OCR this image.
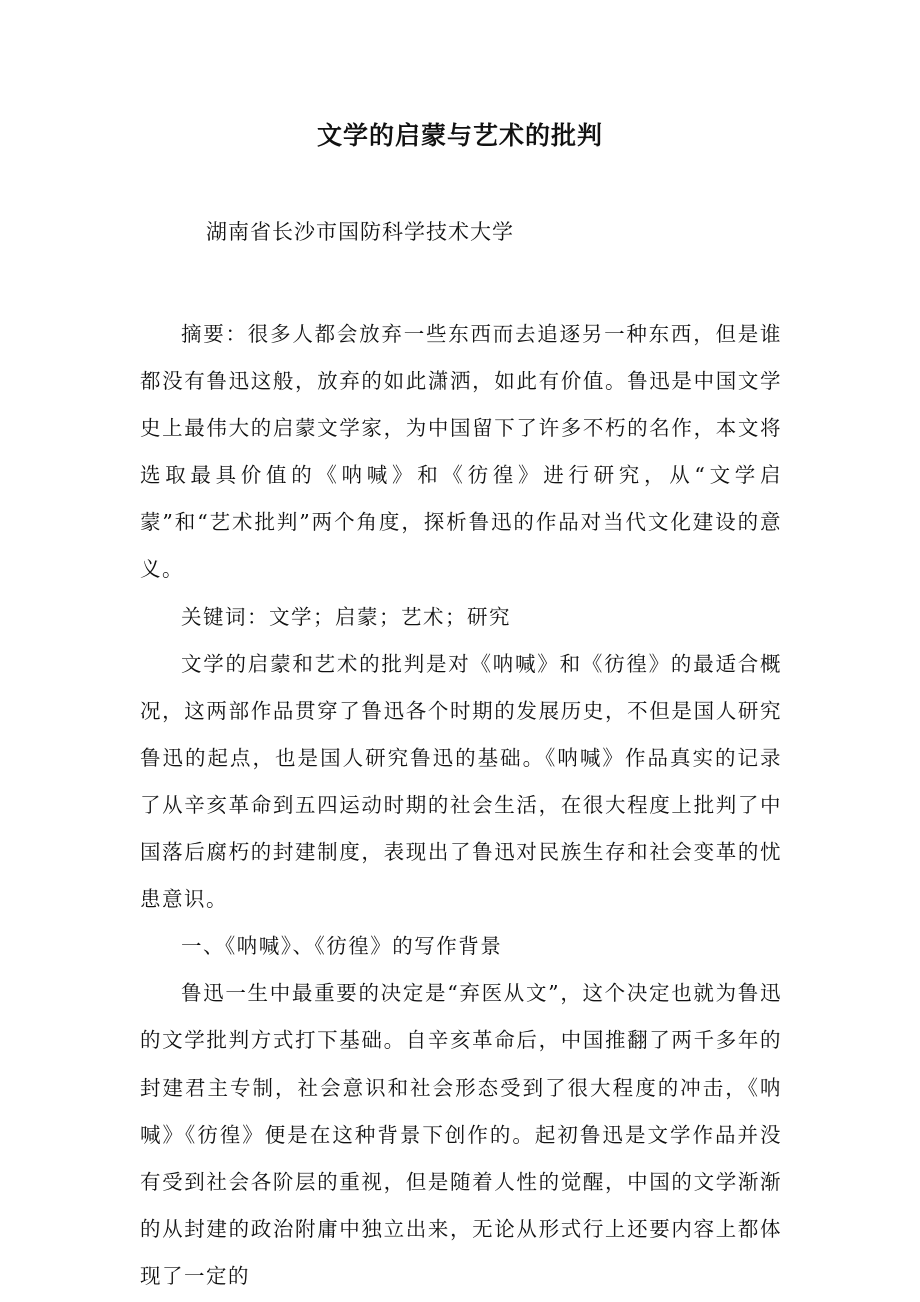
文学的启蒙与艺术的批判
湖南省长沙市国防科学技术大学

摘要：很多人都会放弃一些东西而去追逐另一种东西，但是谁都没有鲁迅这般，放弃的如此潇洒，如此有价值。鲁迅是中国文学史上最伟大的启蒙文学家，为中国留下了许多不朽的名作，本文将选取最具价值的《呐喊》和《彷徨》进行研究，从“文学启蒙”和“艺术批判”两个角度，探析鲁迅的作品对当代文化建设的意义。

关键词：文学；启蒙；艺术；研究

文学的启蒙和艺术的批判是对《呐喊》和《彷徨》的最适合概况，这两部作品贯穿了鲁迅各个时期的发展历史，不但是国人研究鲁迅的起点，也是国人研究鲁迅的基础。《呐喊》作品真实的记录了从辛亥革命到五四运动时期的社会生活，在很大程度上批判了中国落后腐朽的封建制度，表现出了鲁迅对民族生存和社会变革的忧患意识。

一、《呐喊》、《彷徨》的写作背景

鲁迅一生中最重要的决定是“弃医从文”，这个决定也就为鲁迅的文学批判方式打下基础。自辛亥革命后，中国推翻了两千多年的封建君主专制，社会意识和社会形态受到了很大程度的冲击，《呐喊》《彷徨》便是在这种背景下创作的。起初鲁迅是文学作品并没有受到社会各阶层的重视，但是随着人性的觉醒，中国的文学渐渐的从封建的政治附庸中独立出来，无论从形式行上还要内容上都体现了一定的
